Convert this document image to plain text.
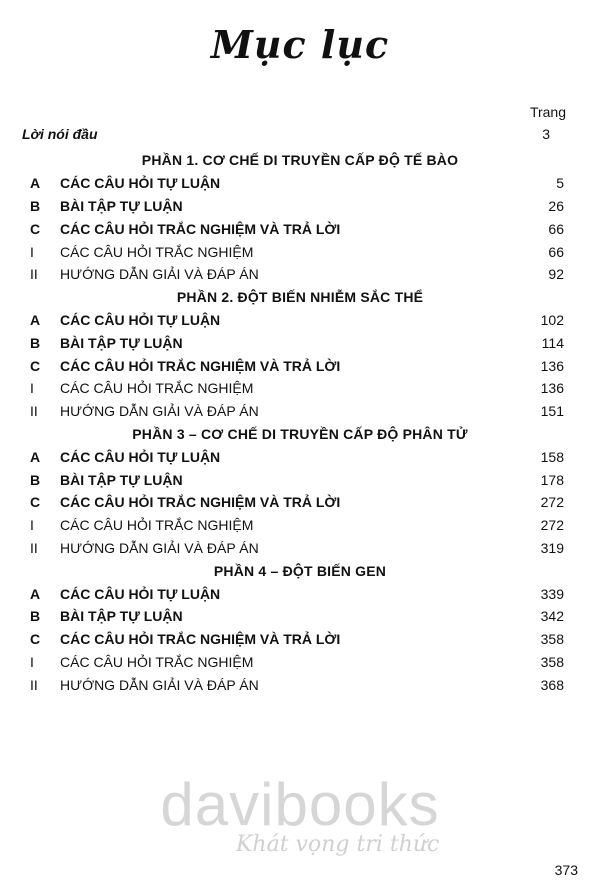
Mục lục
Trang
Lời nói đầu	3
PHẦN 1. CƠ CHẾ DI TRUYỀN CẤP ĐỘ TẾ BÀO
A	CÁC CÂU HỎI TỰ LUẬN	5
B	BÀI TẬP TỰ LUẬN	26
C	CÁC CÂU HỎI TRẮC NGHIỆM VÀ TRẢ LỜI	66
I	CÁC CÂU HỎI TRẮC NGHIỆM	66
II	HƯỚNG DẪN GIẢI VÀ ĐÁP ÁN	92
PHẦN 2. ĐỘT BIẾN NHIỄM SẮC THỂ
A	CÁC CÂU HỎI TỰ LUẬN	102
B	BÀI TẬP TỰ LUẬN	114
C	CÁC CÂU HỎI TRẮC NGHIỆM VÀ TRẢ LỜI	136
I	CÁC CÂU HỎI TRẮC NGHIỆM	136
II	HƯỚNG DẪN GIẢI VÀ ĐÁP ÁN	151
PHẦN 3 – CƠ CHẾ DI TRUYỀN CẤP ĐỘ PHÂN TỬ
A	CÁC CÂU HỎI TỰ LUẬN	158
B	BÀI TẬP TỰ LUẬN	178
C	CÁC CÂU HỎI TRẮC NGHIỆM VÀ TRẢ LỜI	272
I	CÁC CÂU HỎI TRẮC NGHIỆM	272
II	HƯỚNG DẪN GIẢI VÀ ĐÁP ÁN	319
PHẦN 4 – ĐỘT BIẾN GEN
A	CÁC CÂU HỎI TỰ LUẬN	339
B	BÀI TẬP TỰ LUẬN	342
C	CÁC CÂU HỎI TRẮC NGHIỆM VÀ TRẢ LỜI	358
I	CÁC CÂU HỎI TRẮC NGHIỆM	358
II	HƯỚNG DẪN GIẢI VÀ ĐÁP ÁN	368
davibooks
Khát vọng tri thức
373
